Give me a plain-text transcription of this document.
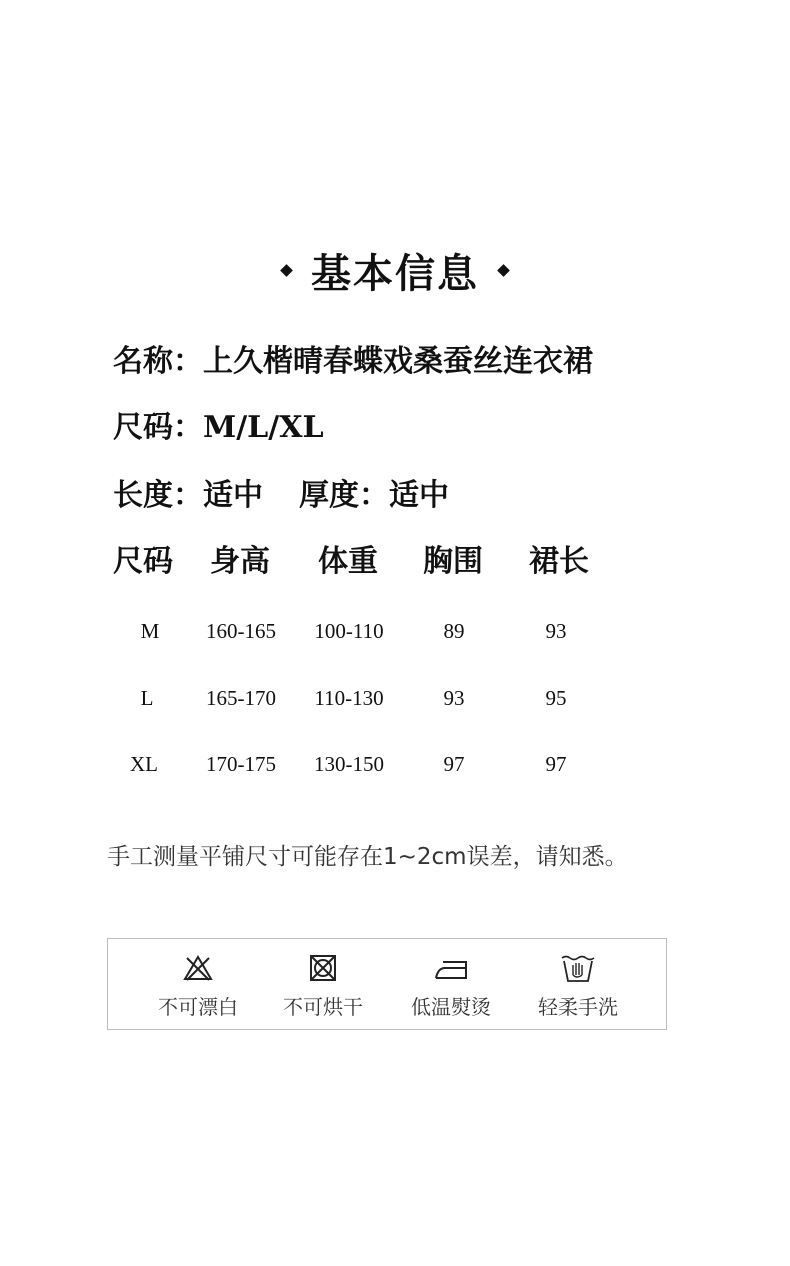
基本信息
名称：上久楷晴春蝶戏桑蚕丝连衣裙
尺码：M/L/XL
长度：适中 厚度：适中
尺码 身高 体重 胸围 裙长
M	160-165	100-110	89	93
L	165-170	110-130	93	95
XL	170-175	130-150	97	97
手工测量平铺尺寸可能存在1~2cm误差，请知悉。
不可漂白 不可烘干 低温熨烫 轻柔手洗
